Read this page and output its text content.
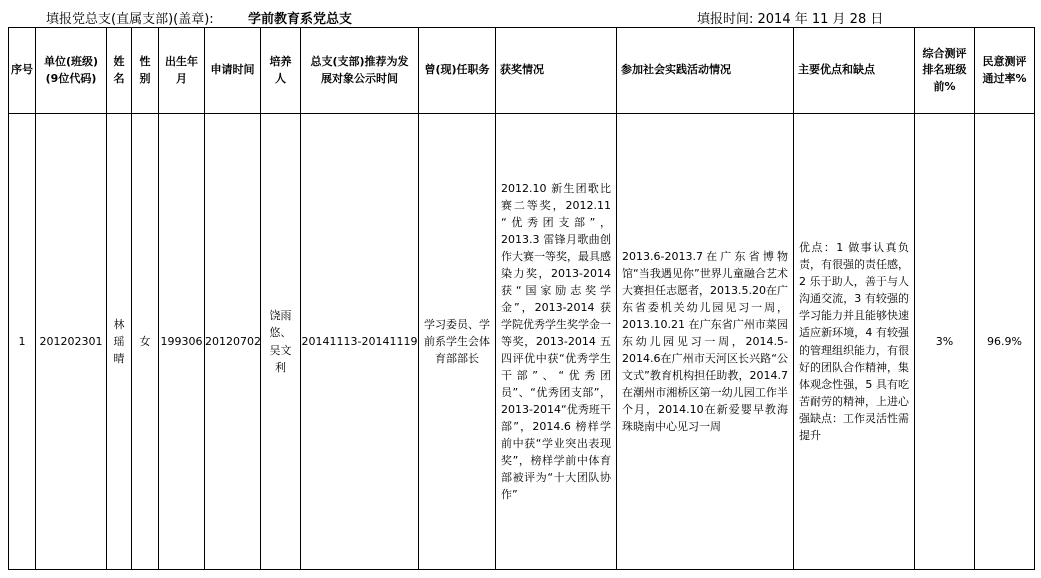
填报党总支(直属支部)(盖章):	学前教育系党总支	填报时间: 2014 年 11 月 28 日
序号	单位(班级)(9位代码)	姓名	性别	出生年月	申请时间	培养人	总支(支部)推荐为发展对象公示时间	曾(现)任职务	获奖情况	参加社会实践活动情况	主要优点和缺点	综合测评排名班级前%	民意测评通过率%
1	201202301	林瑶晴	女	199306	20120702	饶雨悠、吴文利	20141113-20141119	学习委员、学前系学生会体育部部长	2012.10 新生团歌比赛二等奖，2012.11 “优秀团支部”，2013.3 雷锋月歌曲创作大赛一等奖，最具感染力奖，2013-2014 获“国家励志奖学金”，2013-2014 获学院优秀学生奖学金一等奖，2013-2014 五四评优中获“优秀学生干部”、“优秀团员”、“优秀团支部”，2013-2014“优秀班干部”，2014.6 榜样学前中获“学业突出表现奖”，榜样学前中体育部被评为“十大团队协作”	2013.6-2013.7在广东省博物馆“当我遇见你”世界儿童融合艺术大赛担任志愿者，2013.5.20在广东省委机关幼儿园见习一周，2013.10.21 在广东省广州市菜园东幼儿园见习一周，2014.5-2014.6在广州市天河区长兴路“公文式”教育机构担任助教，2014.7 在潮州市湘桥区第一幼儿园工作半个月，2014.10在新爱婴早教海珠晓南中心见习一周	优点：1 做事认真负责，有很强的责任感，2 乐于助人，善于与人沟通交流，3 有较强的学习能力并且能够快速适应新环境，4 有较强的管理组织能力，有很好的团队合作精神，集体观念性强，5 具有吃苦耐劳的精神，上进心强缺点：工作灵活性需提升	3%	96.9%
